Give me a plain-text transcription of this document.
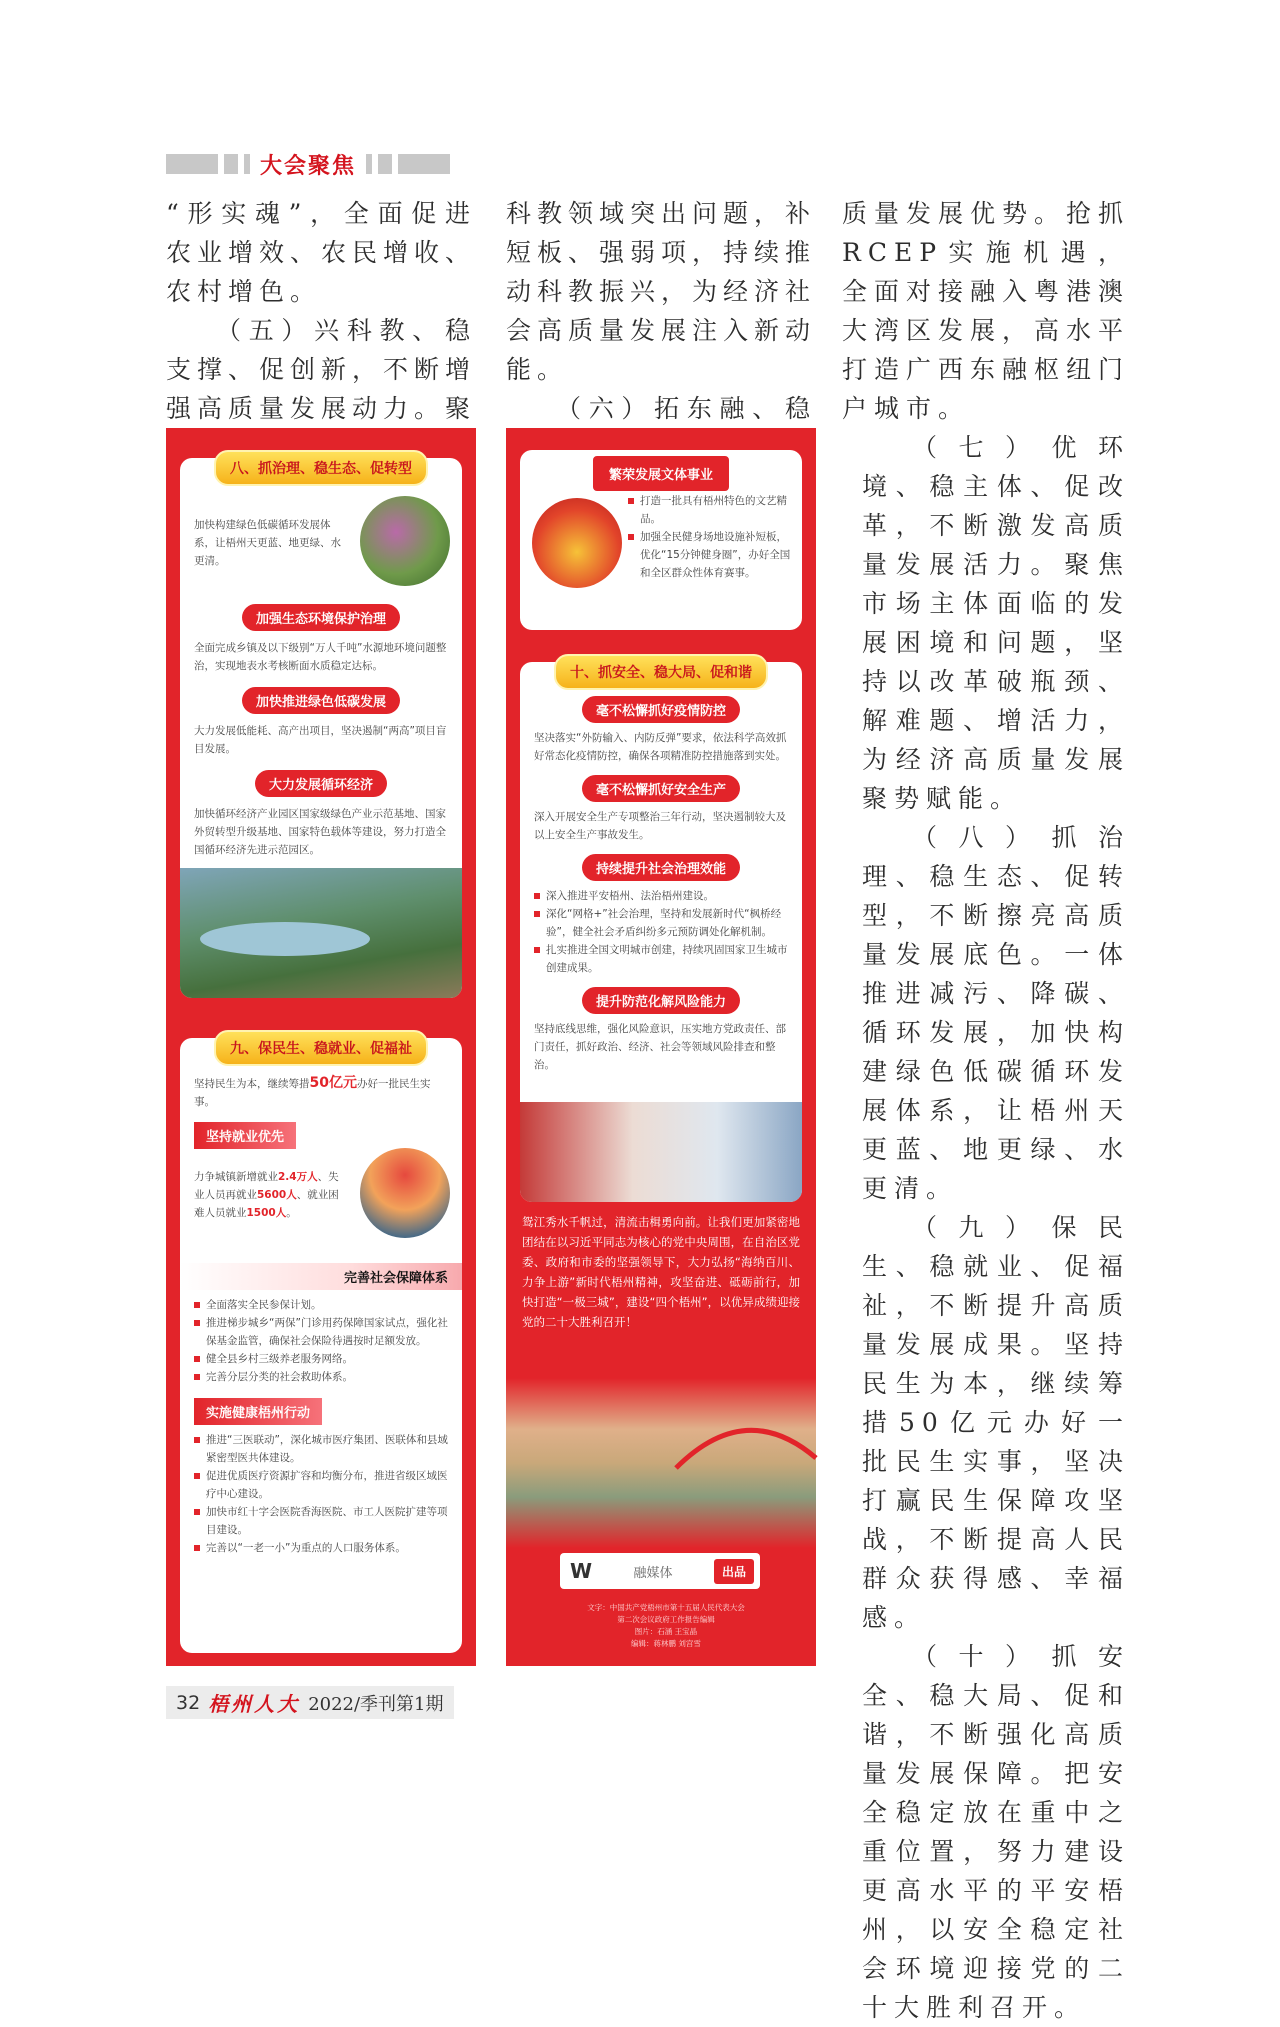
大会聚焦

“形实魂”，全面促进农业增效、农民增收、农村增色。

（五）兴科教、稳支撑、促创新，不断增强高质量发展动力。聚

科教领域突出问题，补短板、强弱项，持续推动科教振兴，为经济社会高质量发展注入新动能。

（六）拓东融、稳

质量发展优势。抢抓RCEP实施机遇，全面对接融入粤港澳大湾区发展，高水平打造广西东融枢纽门户城市。

（七）优环境、稳主体、促改革，不断激发高质量发展活力。聚焦市场主体面临的发展困境和问题，坚持以改革破瓶颈、解难题、增活力，为经济高质量发展聚势赋能。

（八）抓治理、稳生态、促转型，不断擦亮高质量发展底色。一体推进减污、降碳、循环发展，加快构建绿色低碳循环发展体系，让梧州天更蓝、地更绿、水更清。

（九）保民生、稳就业、促福祉，不断提升高质量发展成果。坚持民生为本，继续筹措50亿元办好一批民生实事，坚决打赢民生保障攻坚战，不断提高人民群众获得感、幸福感。

（十）抓安全、稳大局、促和谐，不断强化高质量发展保障。把安全稳定放在重中之重位置，努力建设更高水平的平安梧州，以安全稳定社会环境迎接党的二十大胜利召开。

八、抓治理、稳生态、促转型
加快构建绿色低碳循环发展体系，让梧州天更蓝、地更绿、水更清。
加强生态环境保护治理
全面完成乡镇及以下级别“万人千吨”水源地环境问题整治，实现地表水考核断面水质稳定达标。
加快推进绿色低碳发展
大力发展低能耗、高产出项目，坚决遏制“两高”项目盲目发展。
大力发展循环经济
加快循环经济产业园区国家级绿色产业示范基地、国家外贸转型升级基地、国家特色载体等建设，努力打造全国循环经济先进示范园区。
九、保民生、稳就业、促福祉
坚持民生为本，继续筹措50亿元办好一批民生实事。
坚持就业优先
力争城镇新增就业2.4万人、失业人员再就业5600人、就业困难人员就业1500人。
完善社会保障体系
全面落实全民参保计划。
推进梯步城乡“两保”门诊用药保障国家试点，强化社保基金监管，确保社会保险待遇按时足额发放。
健全县乡村三级养老服务网络。
完善分层分类的社会救助体系。
实施健康梧州行动
推进“三医联动”，深化城市医疗集团、医联体和县域紧密型医共体建设。
促进优质医疗资源扩容和均衡分布，推进省级区域医疗中心建设。
加快市红十字会医院香海医院、市工人医院扩建等项目建设。
完善以“一老一小”为重点的人口服务体系。
繁荣发展文体事业
打造一批具有梧州特色的文艺精品。
加强全民健身场地设施补短板，优化“15分钟健身圈”，办好全国和全区群众性体育赛事。
十、抓安全、稳大局、促和谐
毫不松懈抓好疫情防控
坚决落实“外防输入、内防反弹”要求，依法科学高效抓好常态化疫情防控，确保各项精准防控措施落到实处。
毫不松懈抓好安全生产
深入开展安全生产专项整治三年行动，坚决遏制较大及以上安全生产事故发生。
持续提升社会治理效能
深入推进平安梧州、法治梧州建设。
深化“网格+”社会治理，坚持和发展新时代“枫桥经验”，健全社会矛盾纠纷多元预防调处化解机制。
扎实推进全国文明城市创建，持续巩固国家卫生城市创建成果。
提升防范化解风险能力
坚持底线思维，强化风险意识，压实地方党政责任、部门责任，抓好政治、经济、社会等领域风险排查和整治。
鸳江秀水千帆过，清流击楫勇向前。让我们更加紧密地团结在以习近平同志为核心的党中央周围，在自治区党委、政府和市委的坚强领导下，大力弘扬“海纳百川、力争上游”新时代梧州精神，攻坚奋进、砥砺前行，加快打造“一极三城”，建设“四个梧州”，以优异成绩迎接党的二十大胜利召开！
W	融媒体	出品
文字：中国共产党梧州市第十五届人民代表大会
第二次会议政府工作报告编辑
图片：石涵 王宝晶
编辑：蒋林鹏 刘宫雪
32 梧州人大 2022/季刊第1期
